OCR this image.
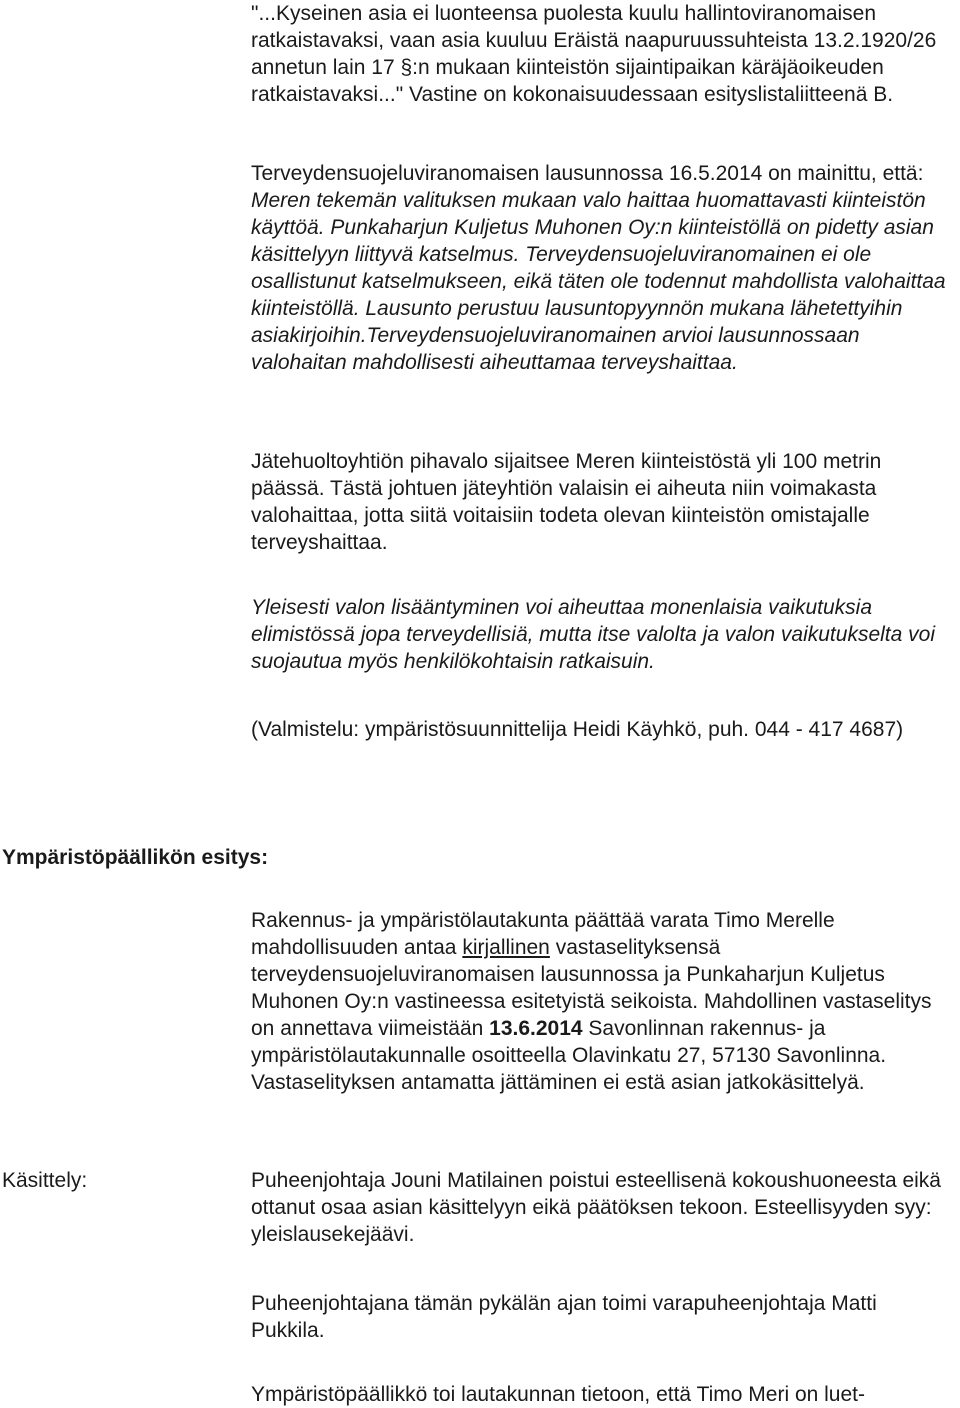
"...Kyseinen asia ei luonteensa puolesta kuulu hallintoviranomaisen ratkaistavaksi, vaan asia kuuluu Eräistä naapuruussuhteista 13.2.1920/26 annetun lain 17 §:n mukaan kiinteistön sijaintipaikan käräjäoikeuden ratkaistavaksi..." Vastine on kokonaisuudessaan esityslistaliitteenä B.

Terveydensuojeluviranomaisen lausunnossa 16.5.2014 on mainittu, että: Meren tekemän valituksen mukaan valo haittaa huomattavasti kiinteistön käyttöä. Punkaharjun Kuljetus Muhonen Oy:n kiinteistöllä on pidetty asian käsittelyyn liittyvä katselmus. Terveydensuojeluviranomainen ei ole osallistunut katselmukseen, eikä täten ole todennut mahdollista valohaittaa kiinteistöllä. Lausunto perustuu lausuntopyynnön mukana lähetettyihin asiakirjoihin.Terveydensuojeluviranomainen arvioi lausunnossaan valohaitan mahdollisesti aiheuttamaa terveyshaittaa.

Jätehuoltoyhtiön pihavalo sijaitsee Meren kiinteistöstä yli 100 metrin päässä. Tästä johtuen jäteyhtiön valaisin ei aiheuta niin voimakasta valohaittaa, jotta siitä voitaisiin todeta olevan kiinteistön omistajalle terveyshaittaa.

Yleisesti valon lisääntyminen voi aiheuttaa monenlaisia vaikutuksia elimistössä jopa terveydellisiä, mutta itse valolta ja valon vaikutukselta voi suojautua myös henkilökohtaisin ratkaisuin.

(Valmistelu: ympäristösuunnittelija Heidi Käyhkö, puh. 044 - 417 4687)

Ympäristöpäällikön esitys:

Rakennus- ja ympäristölautakunta päättää varata Timo Merelle mahdollisuuden antaa kirjallinen vastaselityksensä terveydensuojeluviranomaisen lausunnossa ja Punkaharjun Kuljetus Muhonen Oy:n vastineessa esitetyistä seikoista. Mahdollinen vastaselitys on annettava viimeistään 13.6.2014 Savonlinnan rakennus- ja ympäristölautakunnalle osoitteella Olavinkatu 27, 57130 Savonlinna. Vastaselityksen antamatta jättäminen ei estä asian jatkokäsittelyä.

Käsittely:	Puheenjohtaja Jouni Matilainen poistui esteellisenä kokoushuoneesta eikä ottanut osaa asian käsittelyyn eikä päätöksen tekoon. Esteellisyyden syy: yleislausekejäävi.

Puheenjohtajana tämän pykälän ajan toimi varapuheenjohtaja Matti Pukkila.

Ympäristöpäällikkö toi lautakunnan tietoon, että Timo Meri on luet-
